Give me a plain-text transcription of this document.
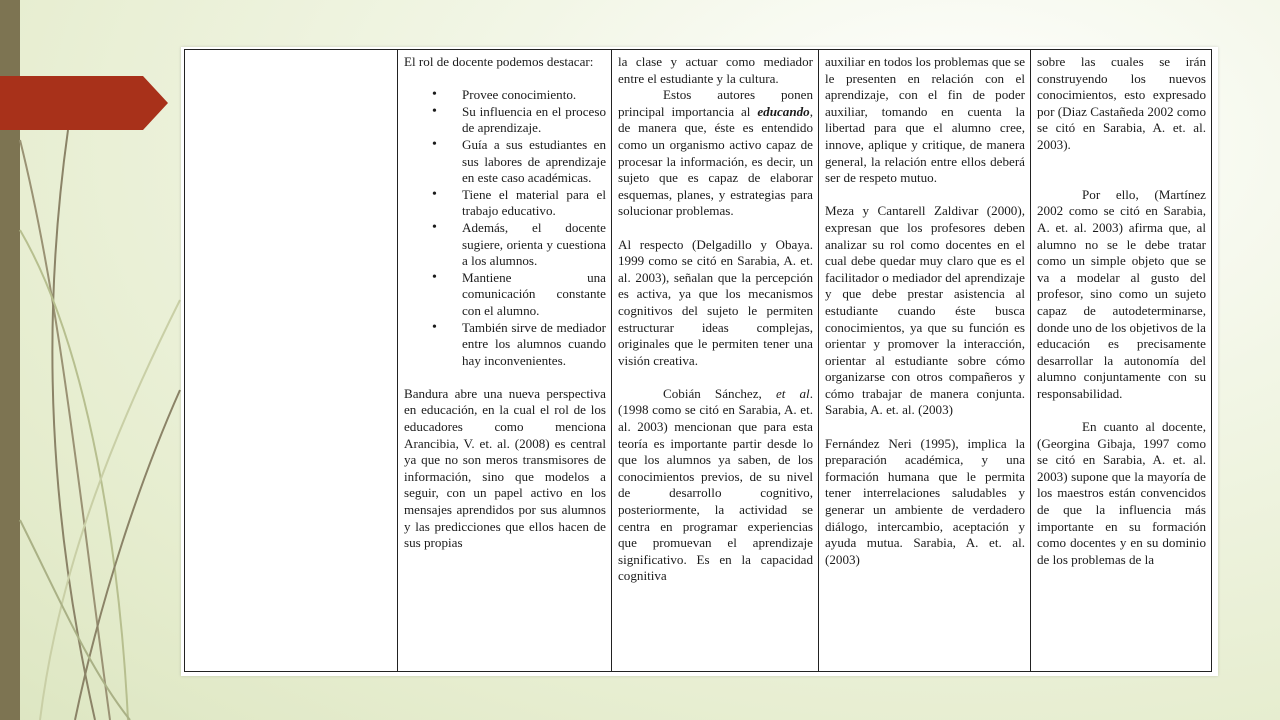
El rol de docente podemos destacar:

• Provee conocimiento.
• Su influencia en el proceso de aprendizaje.
• Guía a sus estudiantes en sus labores de aprendizaje en este caso académicas.
• Tiene el material para el trabajo educativo.
• Además, el docente sugiere, orienta y cuestiona a los alumnos.
• Mantiene una comunicación constante con el alumno.
• También sirve de mediador entre los alumnos cuando hay inconvenientes.

Bandura abre una nueva perspectiva en educación, en la cual el rol de los educadores como menciona Arancibia, V. et. al. (2008) es central ya que no son meros transmisores de información, sino que modelos a seguir, con un papel activo en los mensajes aprendidos por sus alumnos y las predicciones que ellos hacen de sus propias

la clase y actuar como mediador entre el estudiante y la cultura.

Estos autores ponen principal importancia al educando, de manera que, éste es entendido como un organismo activo capaz de procesar la información, es decir, un sujeto que es capaz de elaborar esquemas, planes, y estrategias para solucionar problemas.

Al respecto (Delgadillo y Obaya. 1999 como se citó en Sarabia, A. et. al. 2003), señalan que la percepción es activa, ya que los mecanismos cognitivos del sujeto le permiten estructurar ideas complejas, originales que le permiten tener una visión creativa.

Cobián Sánchez, et al. (1998 como se citó en Sarabia, A. et. al. 2003) mencionan que para esta teoría es importante partir desde lo que los alumnos ya saben, de los conocimientos previos, de su nivel de desarrollo cognitivo, posteriormente, la actividad se centra en programar experiencias que promuevan el aprendizaje significativo. Es en la capacidad cognitiva

auxiliar en todos los problemas que se le presenten en relación con el aprendizaje, con el fin de poder auxiliar, tomando en cuenta la libertad para que el alumno cree, innove, aplique y critique, de manera general, la relación entre ellos deberá ser de respeto mutuo.

Meza y Cantarell Zaldivar (2000), expresan que los profesores deben analizar su rol como docentes en el cual debe quedar muy claro que es el facilitador o mediador del aprendizaje y que debe prestar asistencia al estudiante cuando éste busca conocimientos, ya que su función es orientar y promover la interacción, orientar al estudiante sobre cómo organizarse con otros compañeros y cómo trabajar de manera conjunta. Sarabia, A. et. al. (2003)

Fernández Neri (1995), implica la preparación académica, y una formación humana que le permita tener interrelaciones saludables y generar un ambiente de verdadero diálogo, intercambio, aceptación y ayuda mutua. Sarabia, A. et. al. (2003)

sobre las cuales se irán construyendo los nuevos conocimientos, esto expresado por (Diaz Castañeda 2002 como se citó en Sarabia, A. et. al. 2003).

Por ello, (Martínez 2002 como se citó en Sarabia, A. et. al. 2003) afirma que, al alumno no se le debe tratar como un simple objeto que se va a modelar al gusto del profesor, sino como un sujeto capaz de autodeterminarse, donde uno de los objetivos de la educación es precisamente desarrollar la autonomía del alumno conjuntamente con su responsabilidad.

En cuanto al docente, (Georgina Gibaja, 1997 como se citó en Sarabia, A. et. al. 2003) supone que la mayoría de los maestros están convencidos de que la influencia más importante en su formación como docentes y en su dominio de los problemas de la
